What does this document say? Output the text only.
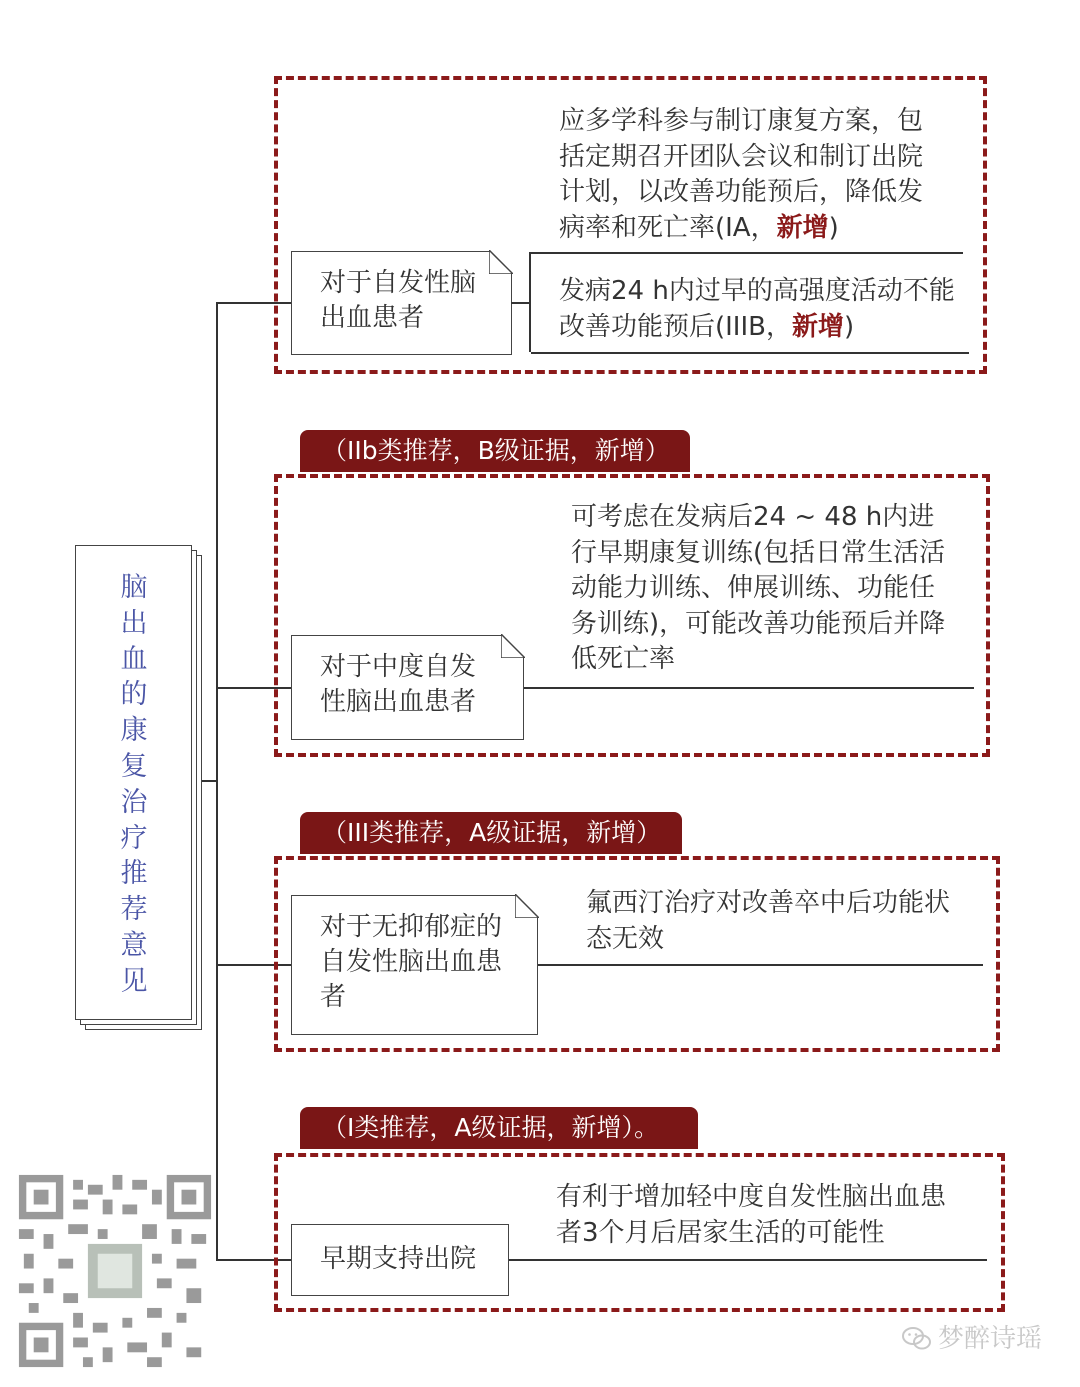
脑出血的康复治疗推荐意见
对于自发性脑出血患者
应多学科参与制订康复方案，包括定期召开团队会议和制订出院计划，以改善功能预后，降低发病率和死亡率(IA，新增)
发病24 h内过早的高强度活动不能改善功能预后(IIIB，新增)
（IIb类推荐，B级证据，新增）
对于中度自发性脑出血患者
可考虑在发病后24 ~ 48 h内进行早期康复训练(包括日常生活活动能力训练、伸展训练、功能任务训练)，可能改善功能预后并降低死亡率
（III类推荐，A级证据，新增）
对于无抑郁症的自发性脑出血患者
氟西汀治疗对改善卒中后功能状态无效
（I类推荐，A级证据，新增）。
早期支持出院
有利于增加轻中度自发性脑出血患者3个月后居家生活的可能性
梦醉诗瑶
